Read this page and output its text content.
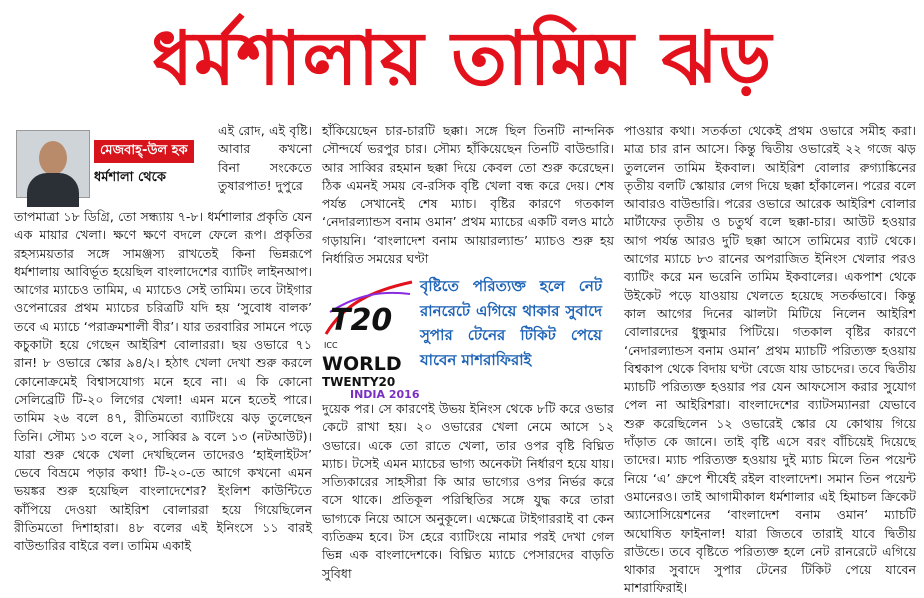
ধর্মশালায় তামিম ঝড়
মেজবাহ্-উল হক
ধর্মশালা থেকে

এই রোদ, এই বৃষ্টি। আবার কখনো বিনা সংকেতে তুষারপাত! দুপুরে

তাপমাত্রা ১৮ ডিগ্রি, তো সন্ধ্যায় ৭-৮। ধর্মশালার প্রকৃতি যেন এক মায়ার খেলা। ক্ষণে ক্ষণে বদলে ফেলে রূপ। প্রকৃতির রহস্যময়তার সঙ্গে সামঞ্জস্য রাখতেই কিনা ভিন্নরূপে ধর্মশালায় আবির্ভূত হয়েছিল বাংলাদেশের ব্যাটিং লাইনআপ। আগের ম্যাচেও তামিম, এ ম্যাচেও সেই তামিম। তবে টাইগার ওপেনারের প্রথম ম্যাচের চরিত্রটি যদি হয় ‘সুবোধ বালক’ তবে এ ম্যাচে ‘পরাক্রমশালী বীর’। যার তরবারির সামনে পড়ে কচুকাটা হয়ে গেছেন আইরিশ বোলাররা। ছয় ওভারে ৭১ রান! ৮ ওভারে স্কোর ৯৪/২। হঠাৎ খেলা দেখা শুরু করলে কোনোক্রমেই বিশ্বাসযোগ্য মনে হবে না। এ কি কোনো সেলিব্রেটি টি-২০ লিগের খেলা! এমন মনে হতেই পারে। তামিম ২৬ বলে ৪৭, রীতিমতো ব্যাটিংয়ে ঝড় তুলেছেন তিনি। সৌম্য ১৩ বলে ২০, সাব্বির ৯ বলে ১৩ (নটআউট)। যারা শুরু থেকে খেলা দেখছিলেন তাদেরও ‘হাইলাইটস’ ভেবে বিভ্রমে পড়ার কথা! টি-২০-তে আগে কখনো এমন ভয়ঙ্কর শুরু হয়েছিল বাংলাদেশের? ইংলিশ কাউন্টিতে কাঁপিয়ে দেওয়া আইরিশ বোলাররা হয়ে গিয়েছিলেন রীতিমতো দিশাহারা। ৪৮ বলের এই ইনিংসে ১১ বারই বাউন্ডারির বাইরে বল। তামিম একাই

হাঁকিয়েছেন চার-চারটি ছক্কা। সঙ্গে ছিল তিনটি নান্দনিক সৌন্দর্যে ভরপুর চার। সৌম্য হাঁকিয়েছেন তিনটি বাউন্ডারি। আর সাব্বির রহমান ছক্কা দিয়ে কেবল তো শুরু করেছেন। ঠিক এমনই সময় বে-রসিক বৃষ্টি খেলা বন্ধ করে দেয়। শেষ পর্যন্ত সেখানেই শেষ ম্যাচ। বৃষ্টির কারণে গতকাল ‘নেদারল্যান্ডস বনাম ওমান’ প্রথম ম্যাচের একটি বলও মাঠে গড়ায়নি। ‘বাংলাদেশ বনাম আয়ারল্যান্ড’ ম্যাচও শুরু হয় নির্ধারিত সময়ের ঘণ্টা

T20
ICC
WORLD
TWENTY20
INDIA 2016
বৃষ্টিতে পরিত্যক্ত হলে নেট রানরেটে এগিয়ে থাকার সুবাদে সুপার টেনের টিকিট পেয়ে যাবেন মাশরাফিরাই

দুয়েক পর। সে কারণেই উভয় ইনিংস থেকে ৮টি করে ওভার কেটে রাখা হয়। ২০ ওভারের খেলা নেমে আসে ১২ ওভারে। একে তো রাতে খেলা, তার ওপর বৃষ্টি বিঘ্নিত ম্যাচ। টসেই এমন ম্যাচের ভাগ্য অনেকটা নির্ধারণ হয়ে যায়। সত্যিকারের সাহসীরা কি আর ভাগ্যের ওপর নির্ভর করে বসে থাকে। প্রতিকূল পরিস্থিতির সঙ্গে যুদ্ধ করে তারা ভাগ্যকে নিয়ে আসে অনুকূলে। এক্ষেত্রে টাইগাররাই বা কেন ব্যতিক্রম হবে। টস হেরে ব্যাটিংয়ে নামার পরই দেখা গেল ভিন্ন এক বাংলাদেশকে। বিঘ্নিত ম্যাচে পেসারদের বাড়তি সুবিধা

পাওয়ার কথা। সতর্কতা থেকেই প্রথম ওভারে সমীহ করা। মাত্র চার রান আসে। কিন্তু দ্বিতীয় ওভারেই ২২ গজে ঝড় তুললেন তামিম ইকবাল। আইরিশ বোলার রুগ্যাঙ্কিনের তৃতীয় বলটি স্কোয়ার লেগ দিয়ে ছক্কা হাঁকালেন। পরের বলে আবারও বাউন্ডারি। পরের ওভারে আরেক আইরিশ বোলার মার্টাফের তৃতীয় ও চতুর্থ বলে ছক্কা-চার। আউট হওয়ার আগ পর্যন্ত আরও দুটি ছক্কা আসে তামিমের ব্যাট থেকে। আগের ম্যাচে ৮৩ রানের অপরাজিত ইনিংস খেলার পরও ব্যাটিং করে মন ভরেনি তামিম ইকবালের। একপাশ থেকে উইকেট পড়ে যাওয়ায় খেলতে হয়েছে সতর্কভাবে। কিন্তু কাল আগের দিনের ঝালটা মিটিয়ে নিলেন আইরিশ বোলারদের ধুন্ধুমার পিটিয়ে। গতকাল বৃষ্টির কারণে ‘নেদারল্যান্ডস বনাম ওমান’ প্রথম ম্যাচটি পরিত্যক্ত হওয়ায় বিশ্বকাপ থেকে বিদায় ঘণ্টা বেজে যায় ডাচদের। তবে দ্বিতীয় ম্যাচটি পরিত্যক্ত হওয়ার পর যেন আফসোস করার সুযোগ পেল না আইরিশরা। বাংলাদেশের ব্যাটসম্যানরা যেভাবে শুরু করেছিলেন ১২ ওভারেই স্কোর যে কোথায় গিয়ে দাঁড়াত কে জানে। তাই বৃষ্টি এসে বরং বাঁচিয়েই দিয়েছে তাদের। ম্যাচ পরিত্যক্ত হওয়ায় দুই ম্যাচ মিলে তিন পয়েন্ট নিয়ে ‘এ’ গ্রুপে শীর্ষেই রইল বাংলাদেশ। সমান তিন পয়েন্ট ওমানেরও। তাই আগামীকাল ধর্মশালার এই হিমাচল ক্রিকেট অ্যাসোসিয়েশনের ‘বাংলাদেশ বনাম ওমান’ ম্যাচটি অঘোষিত ফাইনাল! যারা জিতবে তারাই যাবে দ্বিতীয় রাউন্ডে। তবে বৃষ্টিতে পরিত্যক্ত হলে নেট রানরেটে এগিয়ে থাকার সুবাদে সুপার টেনের টিকিট পেয়ে যাবেন মাশরাফিরাই।
